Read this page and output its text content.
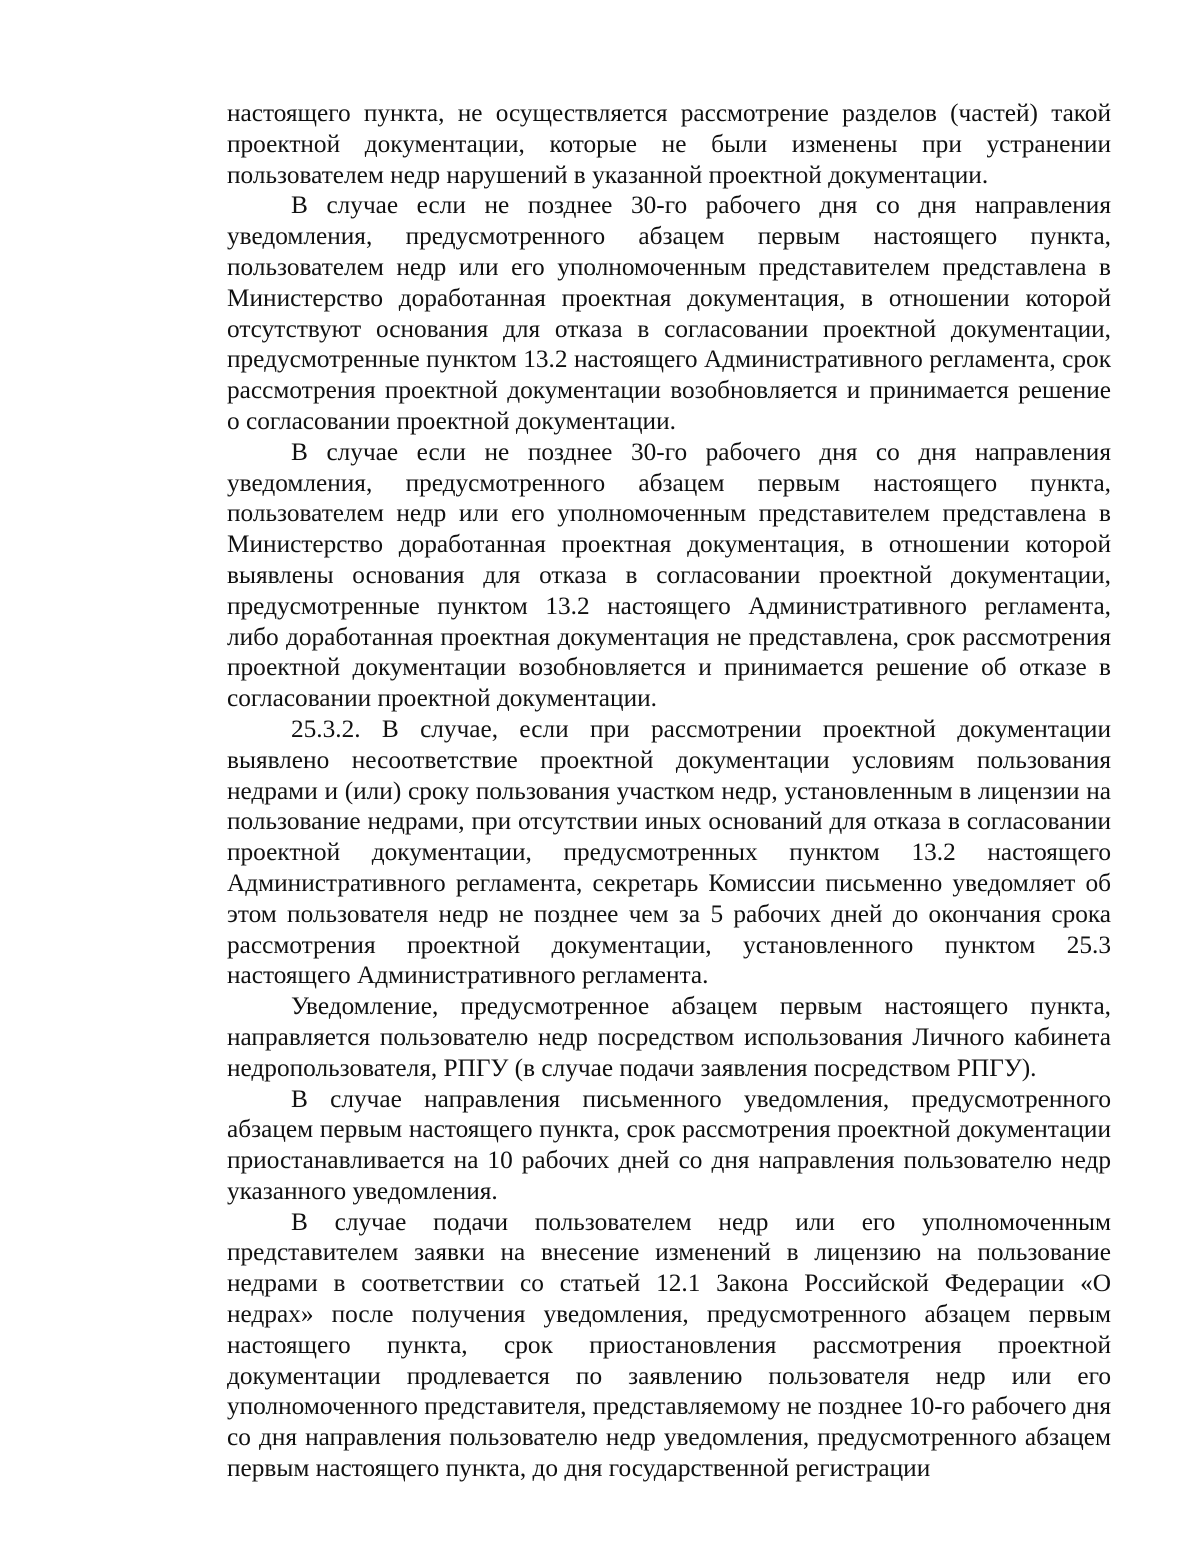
настоящего пункта, не осуществляется рассмотрение разделов (частей) такой проектной документации, которые не были изменены при устранении пользователем недр нарушений в указанной проектной документации.

В случае если не позднее 30-го рабочего дня со дня направления уведомления, предусмотренного абзацем первым настоящего пункта, пользователем недр или его уполномоченным представителем представлена в Министерство доработанная проектная документация, в отношении которой отсутствуют основания для отказа в согласовании проектной документации, предусмотренные пунктом 13.2 настоящего Административного регламента, срок рассмотрения проектной документации возобновляется и принимается решение о согласовании проектной документации.

В случае если не позднее 30-го рабочего дня со дня направления уведомления, предусмотренного абзацем первым настоящего пункта, пользователем недр или его уполномоченным представителем представлена в Министерство доработанная проектная документация, в отношении которой выявлены основания для отказа в согласовании проектной документации, предусмотренные пунктом 13.2 настоящего Административного регламента, либо доработанная проектная документация не представлена, срок рассмотрения проектной документации возобновляется и принимается решение об отказе в согласовании проектной документации.

25.3.2. В случае, если при рассмотрении проектной документации выявлено несоответствие проектной документации условиям пользования недрами и (или) сроку пользования участком недр, установленным в лицензии на пользование недрами, при отсутствии иных оснований для отказа в согласовании проектной документации, предусмотренных пунктом 13.2 настоящего Административного регламента, секретарь Комиссии письменно уведомляет об этом пользователя недр не позднее чем за 5 рабочих дней до окончания срока рассмотрения проектной документации, установленного пунктом 25.3 настоящего Административного регламента.

Уведомление, предусмотренное абзацем первым настоящего пункта, направляется пользователю недр посредством использования Личного кабинета недропользователя, РПГУ (в случае подачи заявления посредством РПГУ).

В случае направления письменного уведомления, предусмотренного абзацем первым настоящего пункта, срок рассмотрения проектной документации приостанавливается на 10 рабочих дней со дня направления пользователю недр указанного уведомления.

В случае подачи пользователем недр или его уполномоченным представителем заявки на внесение изменений в лицензию на пользование недрами в соответствии со статьей 12.1 Закона Российской Федерации «О недрах» после получения уведомления, предусмотренного абзацем первым настоящего пункта, срок приостановления рассмотрения проектной документации продлевается по заявлению пользователя недр или его уполномоченного представителя, представляемому не позднее 10-го рабочего дня со дня направления пользователю недр уведомления, предусмотренного абзацем первым настоящего пункта, до дня государственной регистрации
